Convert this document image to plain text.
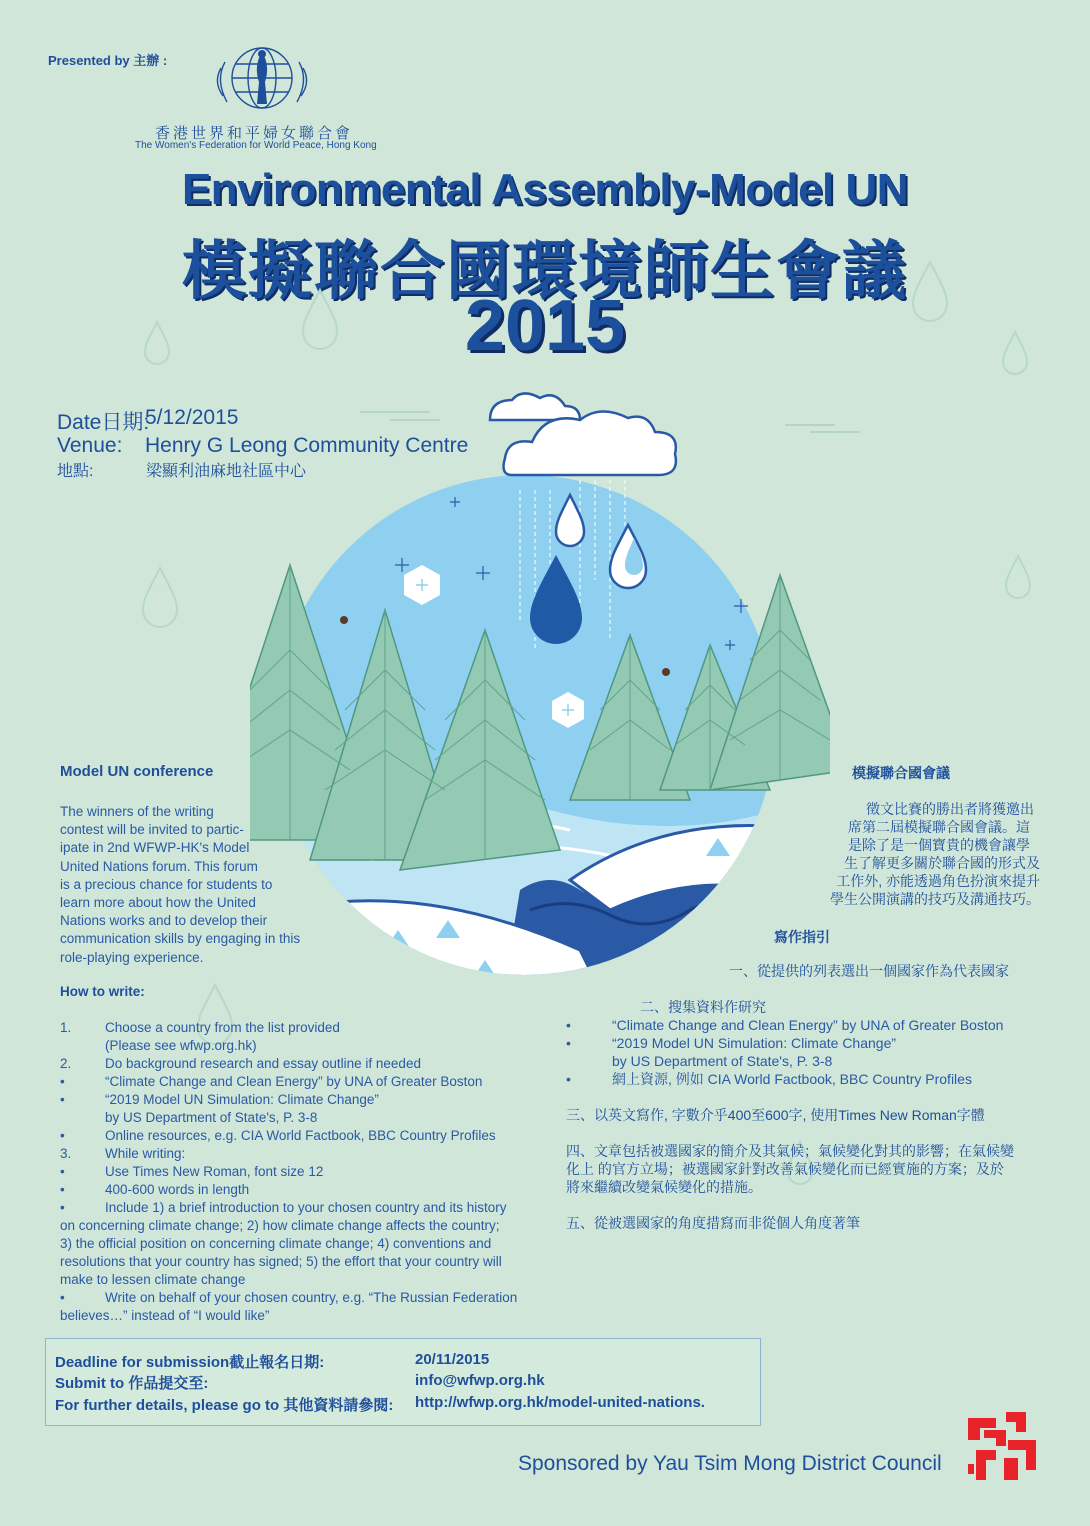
Presented by 主辦 :
香港世界和平婦女聯合會
The Women's Federation for World Peace, Hong Kong
Environmental Assembly-Model UN
模擬聯合國環境師生會議
2015
Date日期:
5/12/2015
Venue: Henry G Leong Community Centre
地點:	梁顯利油麻地社區中心
Model UN conference
The winners of the writing
contest will be invited to partic-
ipate in 2nd WFWP-HK's Model
United Nations forum. This forum
is a precious chance for students to
learn more about how the United
Nations works and to develop their
communication skills by engaging in this
role-playing experience.
How to write:
1. Choose a country from the list provided
(Please see wfwp.org.hk)
2. Do background research and essay outline if needed
•	“Climate Change and Clean Energy” by UNA of Greater Boston
•	“2019 Model UN Simulation: Climate Change”
by US Department of State's, P. 3-8
•	Online resources, e.g. CIA World Factbook, BBC Country Profiles
3. While writing:
•	Use Times New Roman, font size 12
•	400-600 words in length
•	Include 1) a brief introduction to your chosen country and its history
on concerning climate change; 2) how climate change affects the country;
3) the official position on concerning climate change; 4) conventions and
resolutions that your country has signed; 5) the effort that your country will
make to lessen climate change
•	Write on behalf of your chosen country, e.g. “The Russian Federation
believes…” instead of “I would like”
模擬聯合國會議
徵文比賽的勝出者將獲邀出
席第二屆模擬聯合國會議。這
是除了是一個寶貴的機會讓學
生了解更多關於聯合國的形式及
工作外, 亦能透過角色扮演來提升
學生公開演講的技巧及溝通技巧。
寫作指引
一、從提供的列表選出一個國家作為代表國家
二、搜集資料作研究
•	“Climate Change and Clean Energy” by UNA of Greater Boston
•	“2019 Model UN Simulation: Climate Change”
by US Department of State's, P. 3-8
•	網上資源, 例如 CIA World Factbook, BBC Country Profiles
三、以英文寫作, 字數介乎400至600字, 使用Times New Roman字體
四、文章包括被選國家的簡介及其氣候；氣候變化對其的影響；在氣候變
化上 的官方立場；被選國家針對改善氣候變化而已經實施的方案；及於
將來繼續改變氣候變化的措施。
五、從被選國家的角度措寫而非從個人角度著筆
Deadline for submission截止報名日期:	20/11/2015
Submit to 作品提交至:	info@wfwp.org.hk
For further details, please go to 其他資料請參閱: http://wfwp.org.hk/model-united-nations.
Sponsored by Yau Tsim Mong District Council
